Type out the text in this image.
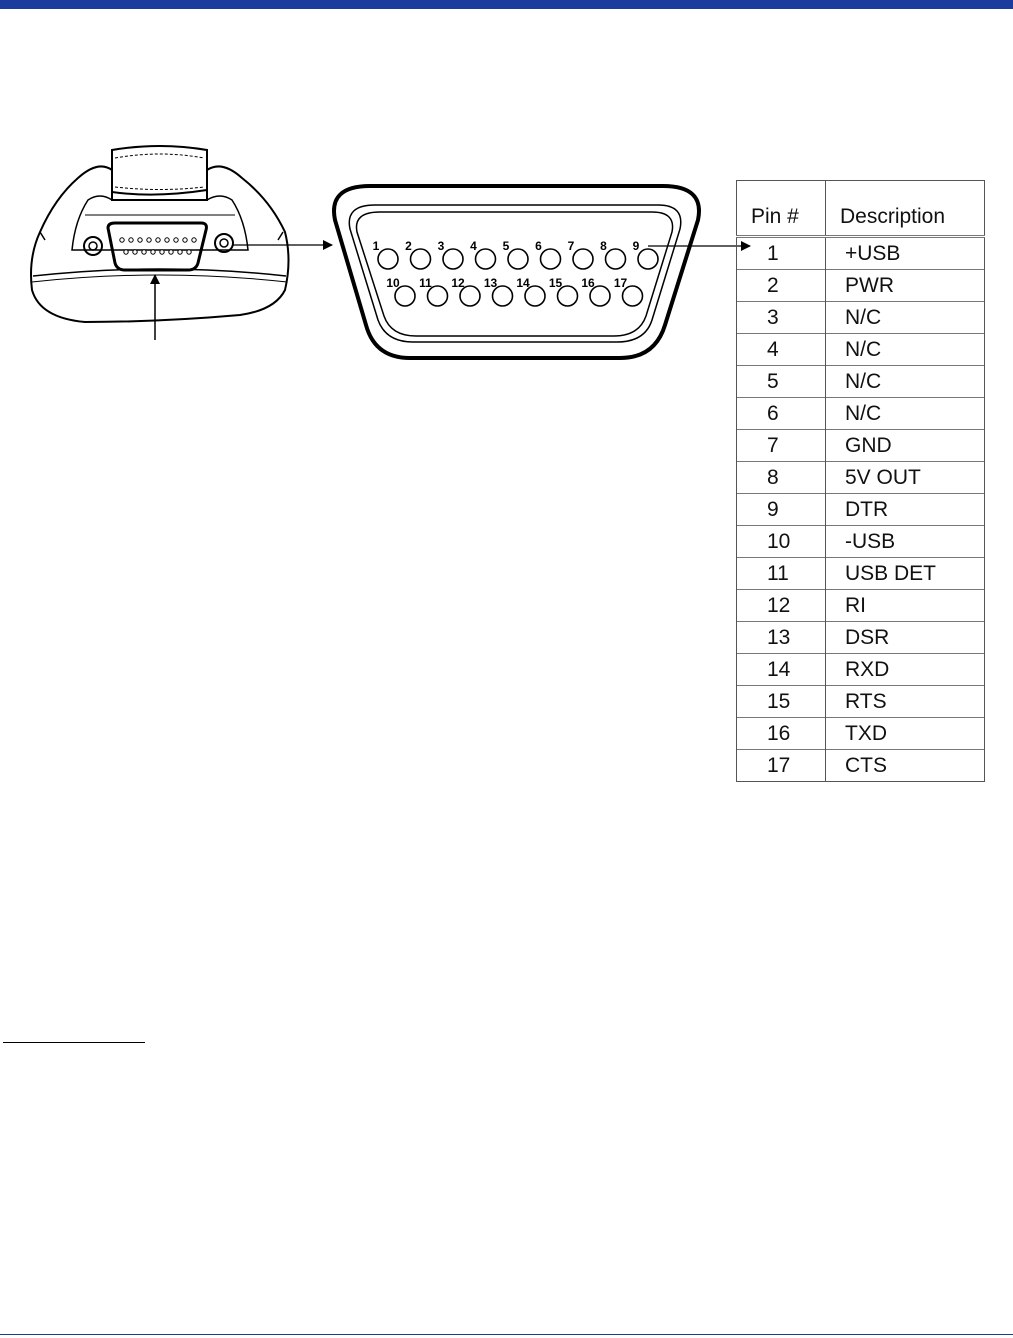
1 2 3 4 5 6 7 8 9
10 11 12 13 14 15 16 17
Pin #	Description
1	+USB
2	PWR
3	N/C
4	N/C
5	N/C
6	N/C
7	GND
8	5V OUT
9	DTR
10	-USB
11	USB DET
12	RI
13	DSR
14	RXD
15	RTS
16	TXD
17	CTS
